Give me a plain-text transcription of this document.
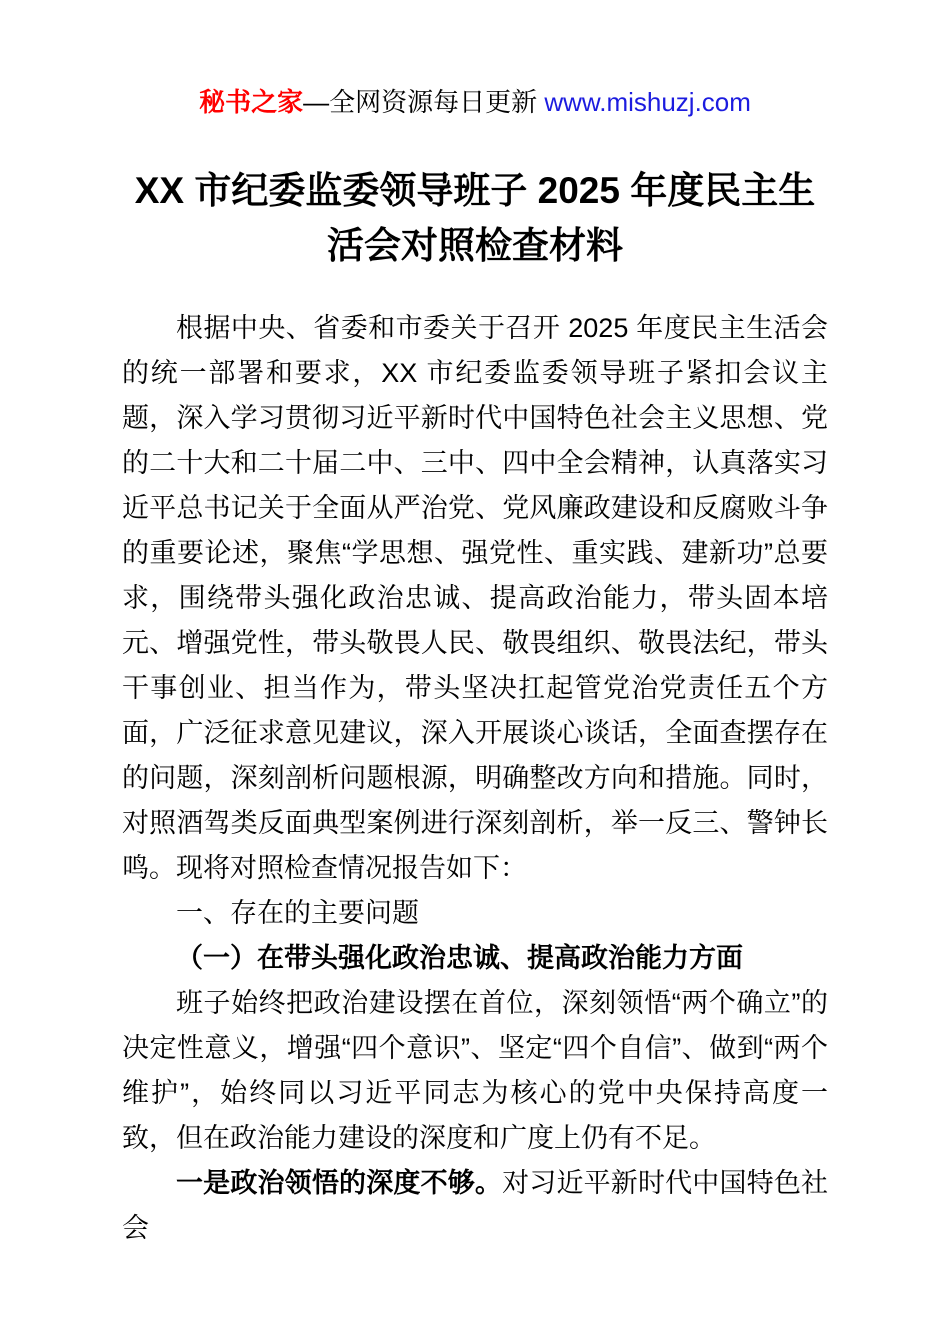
秘书之家—全网资源每日更新 www.mishuzj.com
XX 市纪委监委领导班子 2025 年度民主生活会对照检查材料

根据中央、省委和市委关于召开 2025 年度民主生活会的统一部署和要求，XX 市纪委监委领导班子紧扣会议主题，深入学习贯彻习近平新时代中国特色社会主义思想、党的二十大和二十届二中、三中、四中全会精神，认真落实习近平总书记关于全面从严治党、党风廉政建设和反腐败斗争的重要论述，聚焦“学思想、强党性、重实践、建新功”总要求，围绕带头强化政治忠诚、提高政治能力，带头固本培元、增强党性，带头敬畏人民、敬畏组织、敬畏法纪，带头干事创业、担当作为，带头坚决扛起管党治党责任五个方面，广泛征求意见建议，深入开展谈心谈话，全面查摆存在的问题，深刻剖析问题根源，明确整改方向和措施。同时，对照酒驾类反面典型案例进行深刻剖析，举一反三、警钟长鸣。现将对照检查情况报告如下：

一、存在的主要问题

（一）在带头强化政治忠诚、提高政治能力方面

班子始终把政治建设摆在首位，深刻领悟“两个确立”的决定性意义，增强“四个意识”、坚定“四个自信”、做到“两个维护”，始终同以习近平同志为核心的党中央保持高度一致，但在政治能力建设的深度和广度上仍有不足。

一是政治领悟的深度不够。对习近平新时代中国特色社会
